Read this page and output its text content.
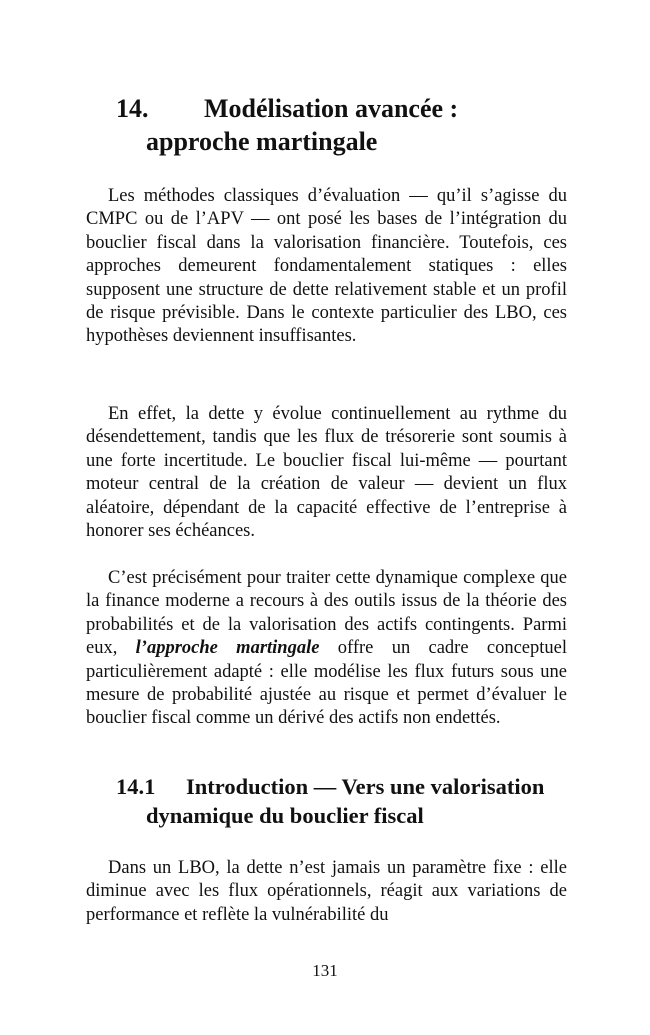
14.	Modélisation avancée :
approche martingale

Les méthodes classiques d’évaluation — qu’il s’agisse du CMPC ou de l’APV — ont posé les bases de l’intégration du bouclier fiscal dans la valorisation financière. Toutefois, ces approches demeurent fondamentalement statiques : elles supposent une structure de dette relativement stable et un profil de risque prévisible. Dans le contexte particulier des LBO, ces hypothèses deviennent insuffisantes.

En effet, la dette y évolue continuellement au rythme du désendettement, tandis que les flux de trésorerie sont soumis à une forte incertitude. Le bouclier fiscal lui-même — pourtant moteur central de la création de valeur — devient un flux aléatoire, dépendant de la capacité effective de l’entreprise à honorer ses échéances.

C’est précisément pour traiter cette dynamique complexe que la finance moderne a recours à des outils issus de la théorie des probabilités et de la valorisation des actifs contingents. Parmi eux, l’approche martingale offre un cadre conceptuel particulièrement adapté : elle modélise les flux futurs sous une mesure de probabilité ajustée au risque et permet d’évaluer le bouclier fiscal comme un dérivé des actifs non endettés.

14.1 Introduction — Vers une valorisation
dynamique du bouclier fiscal

Dans un LBO, la dette n’est jamais un paramètre fixe : elle diminue avec les flux opérationnels, réagit aux variations de performance et reflète la vulnérabilité du

131
